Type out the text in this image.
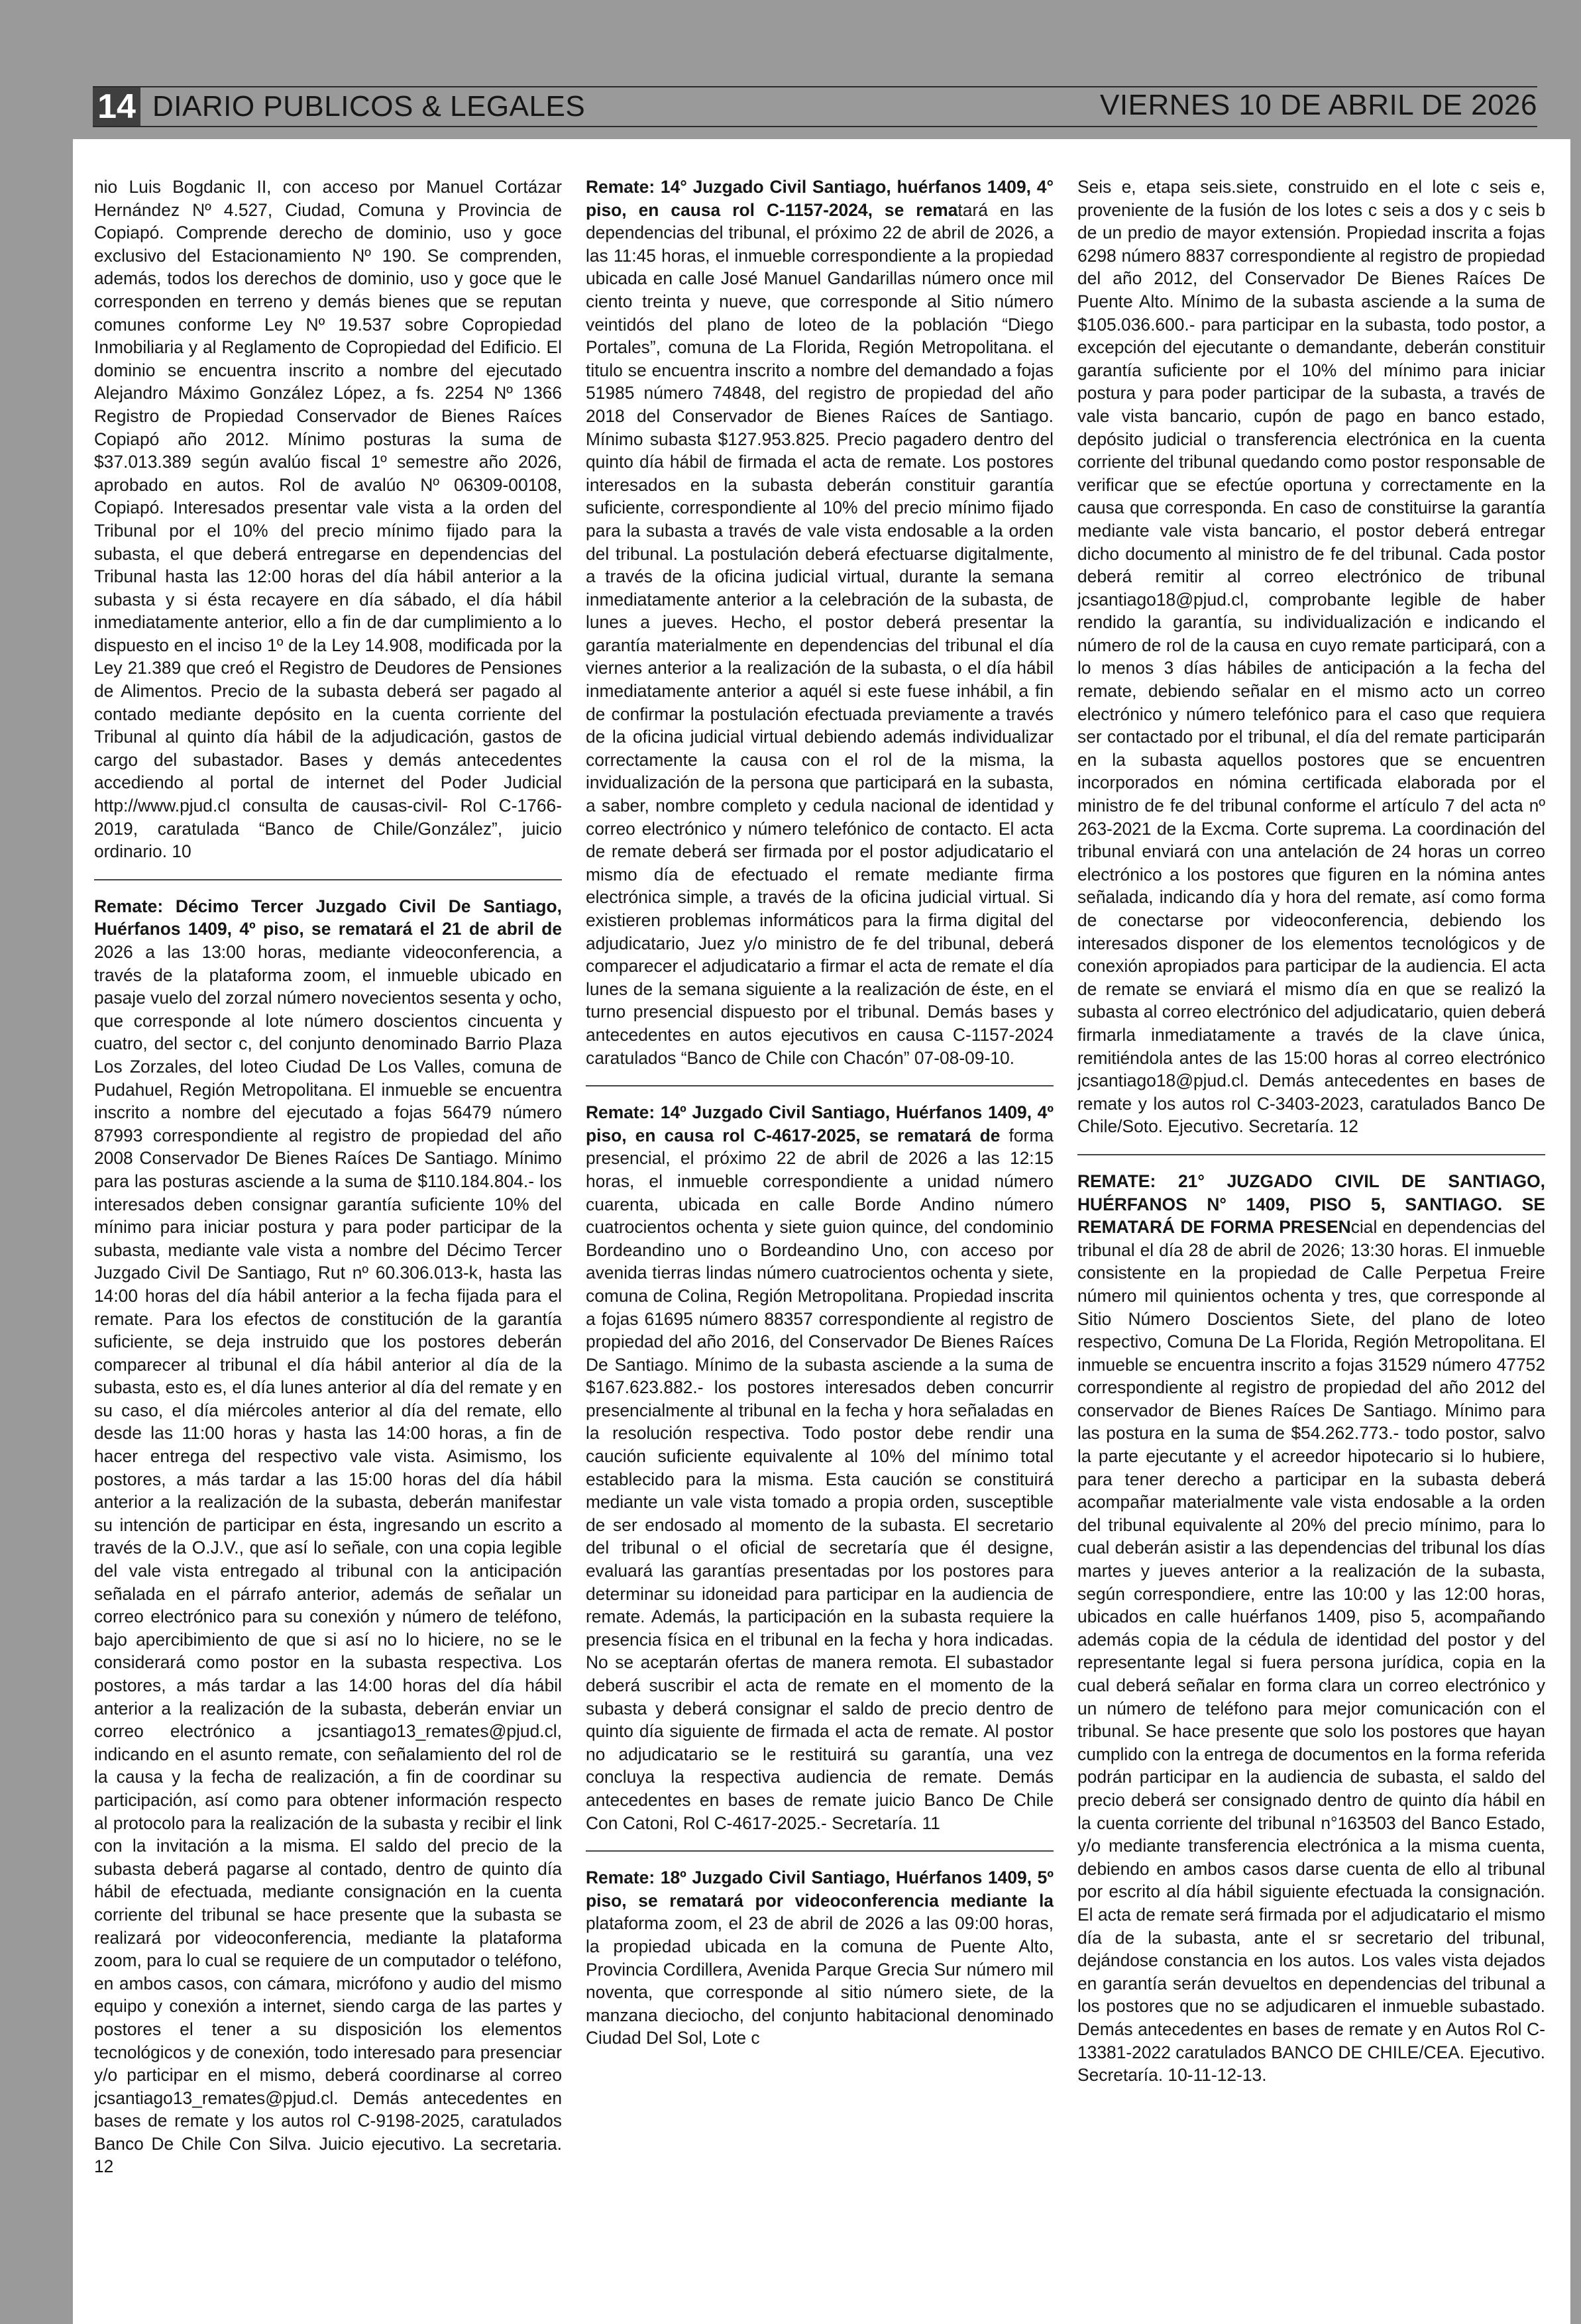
14 DIARIO PUBLICOS & LEGALES	VIERNES 10 DE ABRIL DE 2026

nio Luis Bogdanic II, con acceso por Manuel Cortázar Hernández Nº 4.527, Ciudad, Comuna y Provincia de Copiapó. Comprende derecho de dominio, uso y goce exclusivo del Estacionamiento Nº 190. Se comprenden, además, todos los derechos de dominio, uso y goce que le corresponden en terreno y demás bienes que se reputan comunes conforme Ley Nº 19.537 sobre Copropiedad Inmobiliaria y al Reglamento de Copropiedad del Edificio. El dominio se encuentra inscrito a nombre del ejecutado Alejandro Máximo González López, a fs. 2254 Nº 1366 Registro de Propiedad Conservador de Bienes Raíces Copiapó año 2012. Mínimo posturas la suma de $37.013.389 según avalúo fiscal 1º semestre año 2026, aprobado en autos. Rol de avalúo Nº 06309-00108, Copiapó. Interesados presentar vale vista a la orden del Tribunal por el 10% del precio mínimo fijado para la subasta, el que deberá entregarse en dependencias del Tribunal hasta las 12:00 horas del día hábil anterior a la subasta y si ésta recayere en día sábado, el día hábil inmediatamente anterior, ello a fin de dar cumplimiento a lo dispuesto en el inciso 1º de la Ley 14.908, modificada por la Ley 21.389 que creó el Registro de Deudores de Pensiones de Alimentos. Precio de la subasta deberá ser pagado al contado mediante depósito en la cuenta corriente del Tribunal al quinto día hábil de la adjudicación, gastos de cargo del subastador. Bases y demás antecedentes accediendo al portal de internet del Poder Judicial http://www.pjud.cl consulta de causas-civil- Rol C-1766-2019, caratulada “Banco de Chile/González”, juicio ordinario. 10

Remate: Décimo Tercer Juzgado Civil De Santiago, Huérfanos 1409, 4º piso, se rematará el 21 de abril de 2026 a las 13:00 horas, mediante videoconferencia, a través de la plataforma zoom, el inmueble ubicado en pasaje vuelo del zorzal número novecientos sesenta y ocho, que corresponde al lote número doscientos cincuenta y cuatro, del sector c, del conjunto denominado Barrio Plaza Los Zorzales, del loteo Ciudad De Los Valles, comuna de Pudahuel, Región Metropolitana. El inmueble se encuentra inscrito a nombre del ejecutado a fojas 56479 número 87993 correspondiente al registro de propiedad del año 2008 Conservador De Bienes Raíces De Santiago. Mínimo para las posturas asciende a la suma de $110.184.804.- los interesados deben consignar garantía suficiente 10% del mínimo para iniciar postura y para poder participar de la subasta, mediante vale vista a nombre del Décimo Tercer Juzgado Civil De Santiago, Rut nº 60.306.013-k, hasta las 14:00 horas del día hábil anterior a la fecha fijada para el remate. Para los efectos de constitución de la garantía suficiente, se deja instruido que los postores deberán comparecer al tribunal el día hábil anterior al día de la subasta, esto es, el día lunes anterior al día del remate y en su caso, el día miércoles anterior al día del remate, ello desde las 11:00 horas y hasta las 14:00 horas, a fin de hacer entrega del respectivo vale vista. Asimismo, los postores, a más tardar a las 15:00 horas del día hábil anterior a la realización de la subasta, deberán manifestar su intención de participar en ésta, ingresando un escrito a través de la O.J.V., que así lo señale, con una copia legible del vale vista entregado al tribunal con la anticipación señalada en el párrafo anterior, además de señalar un correo electrónico para su conexión y número de teléfono, bajo apercibimiento de que si así no lo hiciere, no se le considerará como postor en la subasta respectiva. Los postores, a más tardar a las 14:00 horas del día hábil anterior a la realización de la subasta, deberán enviar un correo electrónico a jcsantiago13_remates@pjud.cl, indicando en el asunto remate, con señalamiento del rol de la causa y la fecha de realización, a fin de coordinar su participación, así como para obtener información respecto al protocolo para la realización de la subasta y recibir el link con la invitación a la misma. El saldo del precio de la subasta deberá pagarse al contado, dentro de quinto día hábil de efectuada, mediante consignación en la cuenta corriente del tribunal se hace presente que la subasta se realizará por videoconferencia, mediante la plataforma zoom, para lo cual se requiere de un computador o teléfono, en ambos casos, con cámara, micrófono y audio del mismo equipo y conexión a internet, siendo carga de las partes y postores el tener a su disposición los elementos tecnológicos y de conexión, todo interesado para presenciar y/o participar en el mismo, deberá coordinarse al correo jcsantiago13_remates@pjud.cl. Demás antecedentes en bases de remate y los autos rol C-9198-2025, caratulados Banco De Chile Con Silva. Juicio ejecutivo. La secretaria. 12

Remate: 14° Juzgado Civil Santiago, huérfanos 1409, 4° piso, en causa rol C-1157-2024, se rematará en las dependencias del tribunal, el próximo 22 de abril de 2026, a las 11:45 horas, el inmueble correspondiente a la propiedad ubicada en calle José Manuel Gandarillas número once mil ciento treinta y nueve, que corresponde al Sitio número veintidós del plano de loteo de la población “Diego Portales”, comuna de La Florida, Región Metropolitana. el titulo se encuentra inscrito a nombre del demandado a fojas 51985 número 74848, del registro de propiedad del año 2018 del Conservador de Bienes Raíces de Santiago. Mínimo subasta $127.953.825. Precio pagadero dentro del quinto día hábil de firmada el acta de remate. Los postores interesados en la subasta deberán constituir garantía suficiente, correspondiente al 10% del precio mínimo fijado para la subasta a través de vale vista endosable a la orden del tribunal. La postulación deberá efectuarse digitalmente, a través de la oficina judicial virtual, durante la semana inmediatamente anterior a la celebración de la subasta, de lunes a jueves. Hecho, el postor deberá presentar la garantía materialmente en dependencias del tribunal el día viernes anterior a la realización de la subasta, o el día hábil inmediatamente anterior a aquél si este fuese inhábil, a fin de confirmar la postulación efectuada previamente a través de la oficina judicial virtual debiendo además individualizar correctamente la causa con el rol de la misma, la invidualización de la persona que participará en la subasta, a saber, nombre completo y cedula nacional de identidad y correo electrónico y número telefónico de contacto. El acta de remate deberá ser firmada por el postor adjudicatario el mismo día de efectuado el remate mediante firma electrónica simple, a través de la oficina judicial virtual. Si existieren problemas informáticos para la firma digital del adjudicatario, Juez y/o ministro de fe del tribunal, deberá comparecer el adjudicatario a firmar el acta de remate el día lunes de la semana siguiente a la realización de éste, en el turno presencial dispuesto por el tribunal. Demás bases y antecedentes en autos ejecutivos en causa C-1157-2024 caratulados “Banco de Chile con Chacón” 07-08-09-10.

Remate: 14º Juzgado Civil Santiago, Huérfanos 1409, 4º piso, en causa rol C-4617-2025, se rematará de forma presencial, el próximo 22 de abril de 2026 a las 12:15 horas, el inmueble correspondiente a unidad número cuarenta, ubicada en calle Borde Andino número cuatrocientos ochenta y siete guion quince, del condominio Bordeandino uno o Bordeandino Uno, con acceso por avenida tierras lindas número cuatrocientos ochenta y siete, comuna de Colina, Región Metropolitana. Propiedad inscrita a fojas 61695 número 88357 correspondiente al registro de propiedad del año 2016, del Conservador De Bienes Raíces De Santiago. Mínimo de la subasta asciende a la suma de $167.623.882.- los postores interesados deben concurrir presencialmente al tribunal en la fecha y hora señaladas en la resolución respectiva. Todo postor debe rendir una caución suficiente equivalente al 10% del mínimo total establecido para la misma. Esta caución se constituirá mediante un vale vista tomado a propia orden, susceptible de ser endosado al momento de la subasta. El secretario del tribunal o el oficial de secretaría que él designe, evaluará las garantías presentadas por los postores para determinar su idoneidad para participar en la audiencia de remate. Además, la participación en la subasta requiere la presencia física en el tribunal en la fecha y hora indicadas. No se aceptarán ofertas de manera remota. El subastador deberá suscribir el acta de remate en el momento de la subasta y deberá consignar el saldo de precio dentro de quinto día siguiente de firmada el acta de remate. Al postor no adjudicatario se le restituirá su garantía, una vez concluya la respectiva audiencia de remate. Demás antecedentes en bases de remate juicio Banco De Chile Con Catoni, Rol C-4617-2025.- Secretaría. 11

Remate: 18º Juzgado Civil Santiago, Huérfanos 1409, 5º piso, se rematará por videoconferencia mediante la plataforma zoom, el 23 de abril de 2026 a las 09:00 horas, la propiedad ubicada en la comuna de Puente Alto, Provincia Cordillera, Avenida Parque Grecia Sur número mil noventa, que corresponde al sitio número siete, de la manzana dieciocho, del conjunto habitacional denominado Ciudad Del Sol, Lote c

Seis e, etapa seis.siete, construido en el lote c seis e, proveniente de la fusión de los lotes c seis a dos y c seis b de un predio de mayor extensión. Propiedad inscrita a fojas 6298 número 8837 correspondiente al registro de propiedad del año 2012, del Conservador De Bienes Raíces De Puente Alto. Mínimo de la subasta asciende a la suma de $105.036.600.- para participar en la subasta, todo postor, a excepción del ejecutante o demandante, deberán constituir garantía suficiente por el 10% del mínimo para iniciar postura y para poder participar de la subasta, a través de vale vista bancario, cupón de pago en banco estado, depósito judicial o transferencia electrónica en la cuenta corriente del tribunal quedando como postor responsable de verificar que se efectúe oportuna y correctamente en la causa que corresponda. En caso de constituirse la garantía mediante vale vista bancario, el postor deberá entregar dicho documento al ministro de fe del tribunal. Cada postor deberá remitir al correo electrónico de tribunal jcsantiago18@pjud.cl, comprobante legible de haber rendido la garantía, su individualización e indicando el número de rol de la causa en cuyo remate participará, con a lo menos 3 días hábiles de anticipación a la fecha del remate, debiendo señalar en el mismo acto un correo electrónico y número telefónico para el caso que requiera ser contactado por el tribunal, el día del remate participarán en la subasta aquellos postores que se encuentren incorporados en nómina certificada elaborada por el ministro de fe del tribunal conforme el artículo 7 del acta nº 263-2021 de la Excma. Corte suprema. La coordinación del tribunal enviará con una antelación de 24 horas un correo electrónico a los postores que figuren en la nómina antes señalada, indicando día y hora del remate, así como forma de conectarse por videoconferencia, debiendo los interesados disponer de los elementos tecnológicos y de conexión apropiados para participar de la audiencia. El acta de remate se enviará el mismo día en que se realizó la subasta al correo electrónico del adjudicatario, quien deberá firmarla inmediatamente a través de la clave única, remitiéndola antes de las 15:00 horas al correo electrónico jcsantiago18@pjud.cl. Demás antecedentes en bases de remate y los autos rol C-3403-2023, caratulados Banco De Chile/Soto. Ejecutivo. Secretaría. 12

REMATE: 21° JUZGADO CIVIL DE SANTIAGO, HUÉRFANOS N° 1409, PISO 5, SANTIAGO. SE REMATARÁ DE FORMA PRESENcial en dependencias del tribunal el día 28 de abril de 2026; 13:30 horas. El inmueble consistente en la propiedad de Calle Perpetua Freire número mil quinientos ochenta y tres, que corresponde al Sitio Número Doscientos Siete, del plano de loteo respectivo, Comuna De La Florida, Región Metropolitana. El inmueble se encuentra inscrito a fojas 31529 número 47752 correspondiente al registro de propiedad del año 2012 del conservador de Bienes Raíces De Santiago. Mínimo para las postura en la suma de $54.262.773.- todo postor, salvo la parte ejecutante y el acreedor hipotecario si lo hubiere, para tener derecho a participar en la subasta deberá acompañar materialmente vale vista endosable a la orden del tribunal equivalente al 20% del precio mínimo, para lo cual deberán asistir a las dependencias del tribunal los días martes y jueves anterior a la realización de la subasta, según correspondiere, entre las 10:00 y las 12:00 horas, ubicados en calle huérfanos 1409, piso 5, acompañando además copia de la cédula de identidad del postor y del representante legal si fuera persona jurídica, copia en la cual deberá señalar en forma clara un correo electrónico y un número de teléfono para mejor comunicación con el tribunal. Se hace presente que solo los postores que hayan cumplido con la entrega de documentos en la forma referida podrán participar en la audiencia de subasta, el saldo del precio deberá ser consignado dentro de quinto día hábil en la cuenta corriente del tribunal n°163503 del Banco Estado, y/o mediante transferencia electrónica a la misma cuenta, debiendo en ambos casos darse cuenta de ello al tribunal por escrito al día hábil siguiente efectuada la consignación. El acta de remate será firmada por el adjudicatario el mismo día de la subasta, ante el sr secretario del tribunal, dejándose constancia en los autos. Los vales vista dejados en garantía serán devueltos en dependencias del tribunal a los postores que no se adjudicaren el inmueble subastado. Demás antecedentes en bases de remate y en Autos Rol C-13381-2022 caratulados BANCO DE CHILE/CEA. Ejecutivo. Secretaría. 10-11-12-13.
